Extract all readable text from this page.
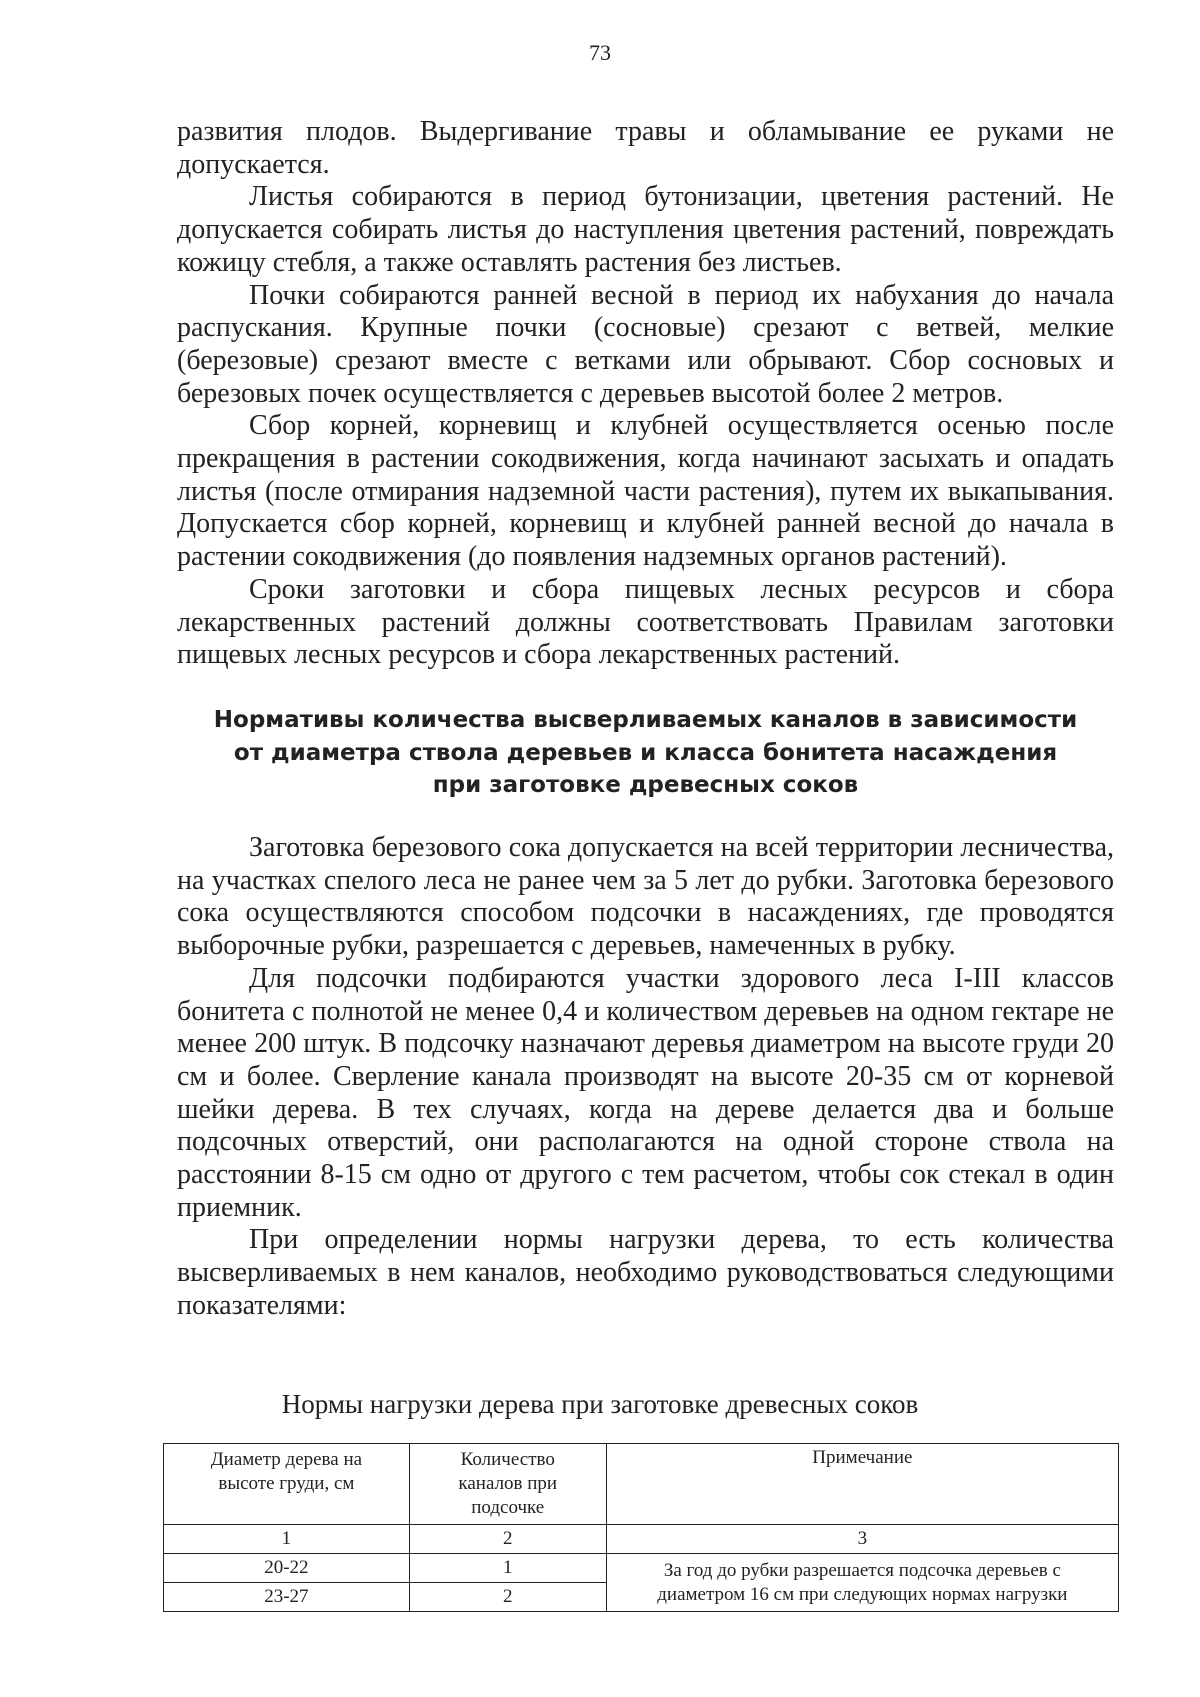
73

развития плодов. Выдергивание травы и обламывание ее руками не допускается.

Листья собираются в период бутонизации, цветения растений. Не допускается собирать листья до наступления цветения растений, повреждать кожицу стебля, а также оставлять растения без листьев.

Почки собираются ранней весной в период их набухания до начала распускания. Крупные почки (сосновые) срезают с ветвей, мелкие (березовые) срезают вместе с ветками или обрывают. Сбор сосновых и березовых почек осуществляется с деревьев высотой более 2 метров.

Сбор корней, корневищ и клубней осуществляется осенью после прекращения в растении сокодвижения, когда начинают засыхать и опадать листья (после отмирания надземной части растения), путем их выкапывания. Допускается сбор корней, корневищ и клубней ранней весной до начала в растении сокодвижения (до появления надземных органов растений).

Сроки заготовки и сбора пищевых лесных ресурсов и сбора лекарственных растений должны соответствовать Правилам заготовки пищевых лесных ресурсов и сбора лекарственных растений.

Нормативы количества высверливаемых каналов в зависимости
от диаметра ствола деревьев и класса бонитета насаждения
при заготовке древесных соков

Заготовка березового сока допускается на всей территории лесничества, на участках спелого леса не ранее чем за 5 лет до рубки. Заготовка березового сока осуществляются способом подсочки в насаждениях, где проводятся выборочные рубки, разрешается с деревьев, намеченных в рубку.

Для подсочки подбираются участки здорового леса I-III классов бонитета с полнотой не менее 0,4 и количеством деревьев на одном гектаре не менее 200 штук. В подсочку назначают деревья диаметром на высоте груди 20 см и более. Сверление канала производят на высоте 20-35 см от корневой шейки дерева. В тех случаях, когда на дереве делается два и больше подсочных отверстий, они располагаются на одной стороне ствола на расстоянии 8-15 см одно от другого с тем расчетом, чтобы сок стекал в один приемник.

При определении нормы нагрузки дерева, то есть количества высверливаемых в нем каналов, необходимо руководствоваться следующими показателями:

Нормы нагрузки дерева при заготовке древесных соков
Диаметр дерева на высоте груди, см	Количество каналов при подсочке	Примечание
1	2	3
20-22	1	За год до рубки разрешается подсочка деревьев с диаметром 16 см при следующих нормах нагрузки
23-27	2	
